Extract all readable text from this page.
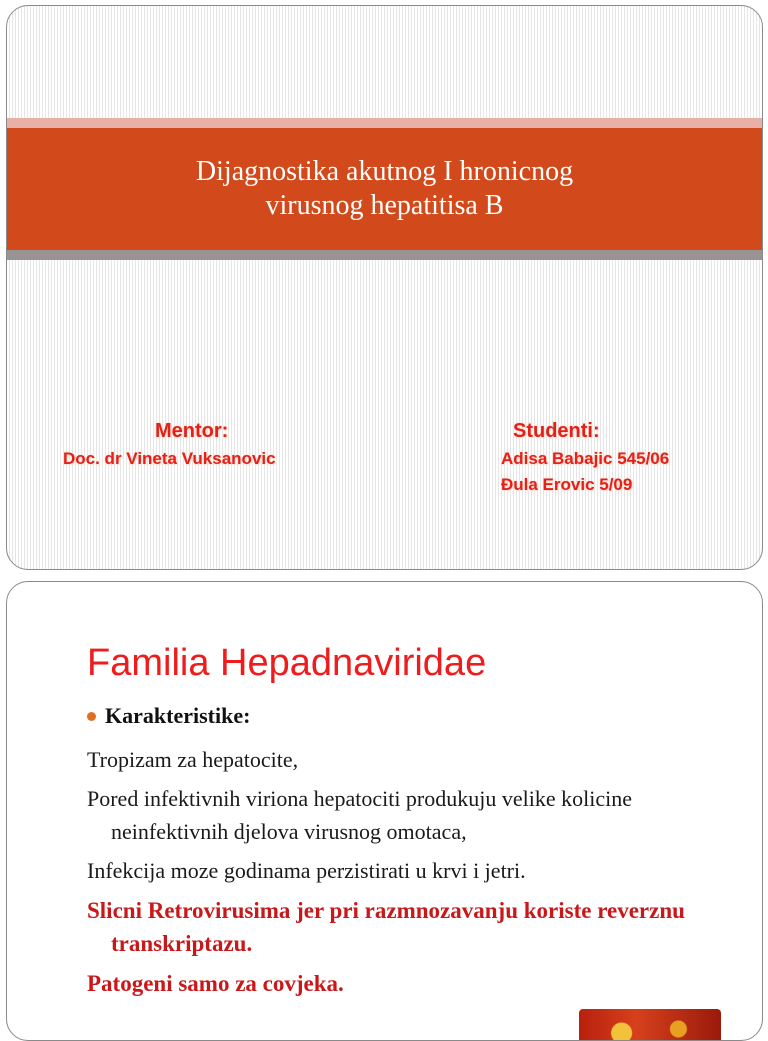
Dijagnostika akutnog I hronicnog
virusnog hepatitisa B
Mentor:
Doc. dr Vineta Vuksanovic
Studenti:
Adisa Babajic 545/06
Đula Erovic 5/09
Familia Hepadnaviridae
Karakteristike:
Tropizam za hepatocite,
Pored infektivnih viriona hepatociti produkuju velike kolicine neinfektivnih djelova virusnog omotaca,
Infekcija moze godinama perzistirati u krvi i jetri.
Slicni Retrovirusima jer pri razmnozavanju koriste reverznu transkriptazu.
Patogeni samo za covjeka.
